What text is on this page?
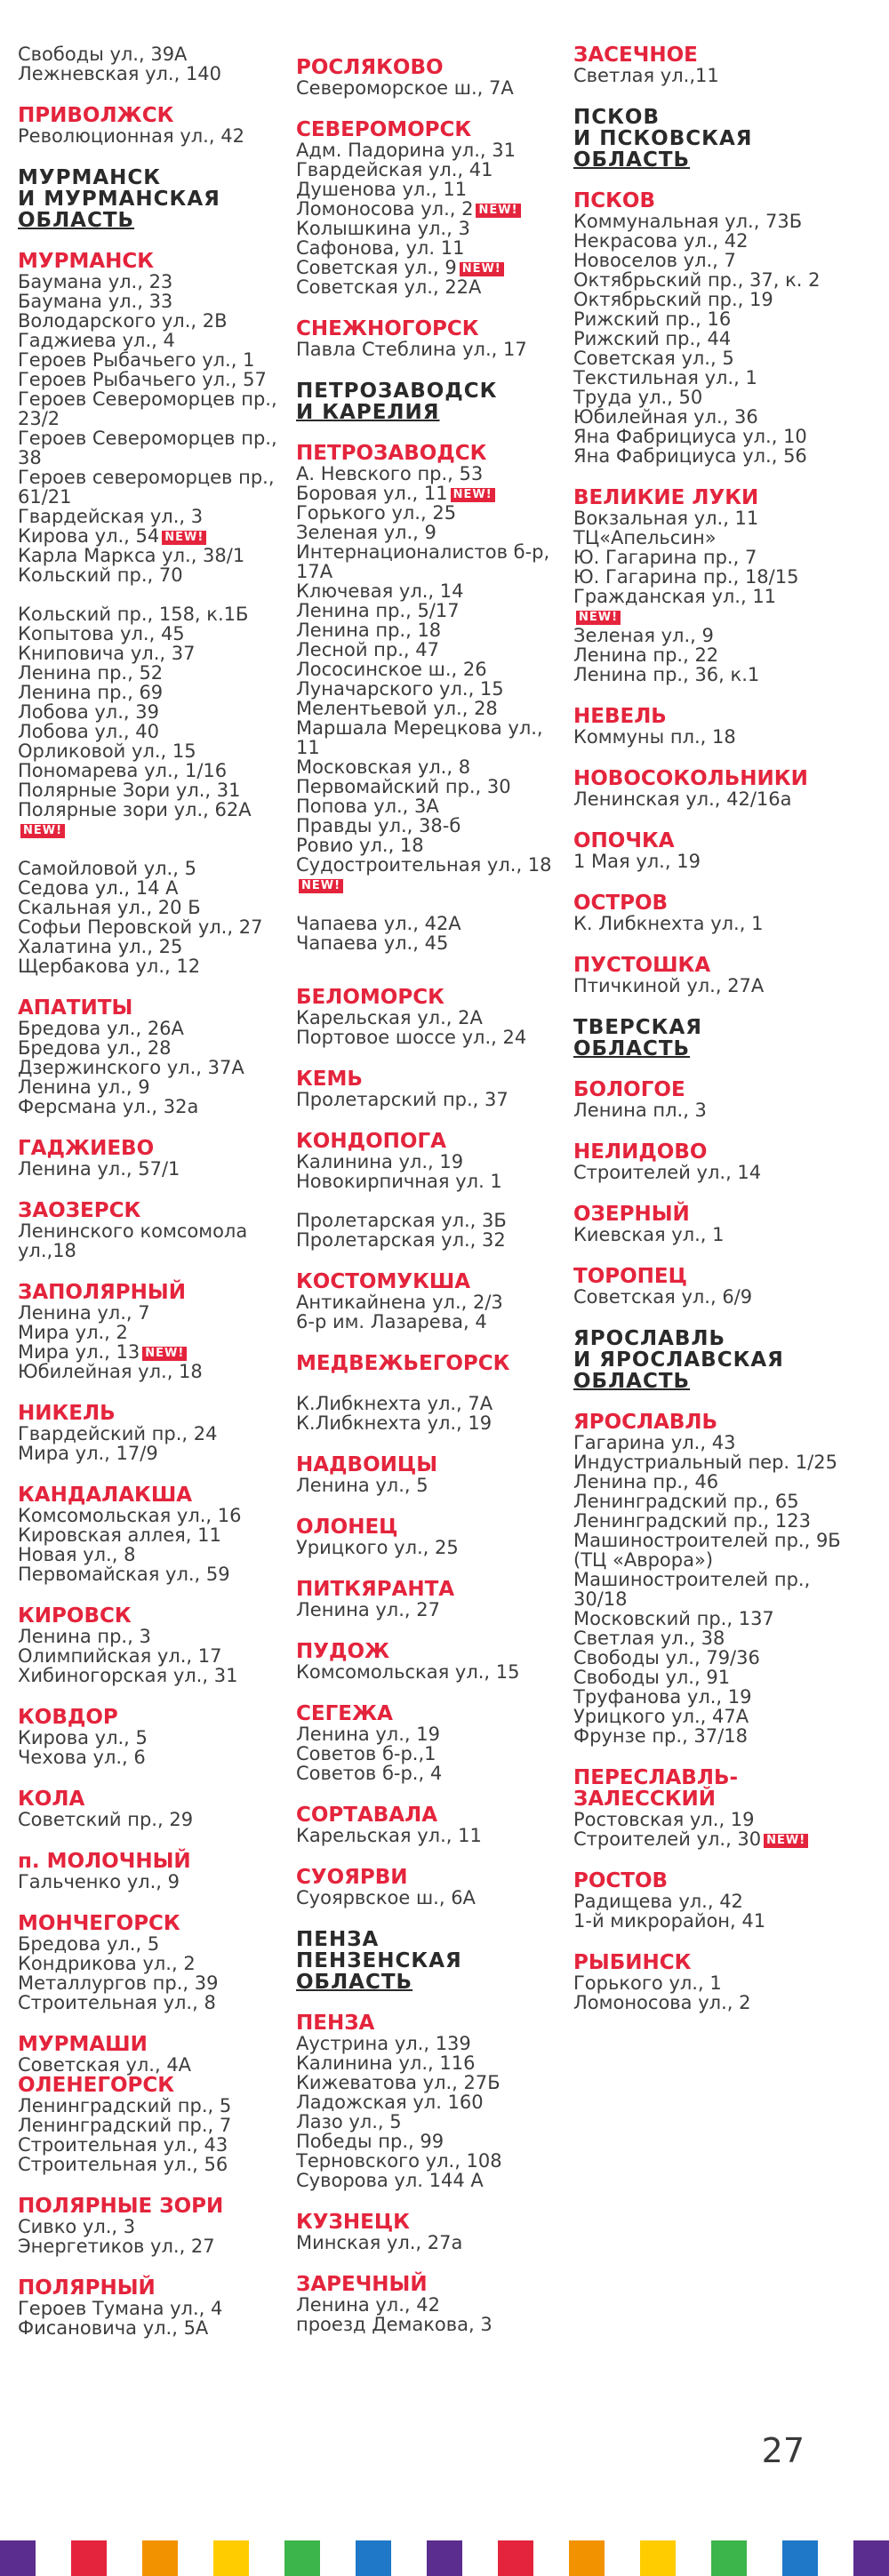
Свободы ул., 39А
Лежневская ул., 140
ПРИВОЛЖСК
Революционная ул., 42
МУРМАНСК
И МУРМАНСКАЯ
ОБЛАСТЬ
МУРМАНСК
Баумана ул., 23
Баумана ул., 33
Володарского ул., 2В
Гаджиева ул., 4
Героев Рыбачьего ул., 1
Героев Рыбачьего ул., 57
Героев Североморцев пр., 23/2
Героев Североморцев пр., 38
Героев североморцев пр., 61/21
Гвардейская ул., 3
Кирова ул., 54 NEW!
Карла Маркса ул., 38/1
Кольский пр., 70

Кольский пр., 158, к.1Б
Копытова ул., 45
Книповича ул., 37
Ленина пр., 52
Ленина пр., 69
Лобова ул., 39
Лобова ул., 40
Орликовой ул., 15
Пономарева ул., 1/16
Полярные Зори ул., 31
Полярные зори ул., 62А
NEW!

Самойловой ул., 5
Седова ул., 14 А
Скальная ул., 20 Б
Софьи Перовской ул., 27
Халатина ул., 25
Щербакова ул., 12
АПАТИТЫ
Бредова ул., 26А
Бредова ул., 28
Дзержинского ул., 37А
Ленина ул., 9
Ферсмана ул., 32а
ГАДЖИЕВО
Ленина ул., 57/1
ЗАОЗЕРСК
Ленинского комсомола ул.,18
ЗАПОЛЯРНЫЙ
Ленина ул., 7
Мира ул., 2
Мира ул., 13 NEW!
Юбилейная ул., 18
НИКЕЛЬ
Гвардейский пр., 24
Мира ул., 17/9
КАНДАЛАКША
Комсомольская ул., 16
Кировская аллея, 11
Новая ул., 8
Первомайская ул., 59
КИРОВСК
Ленина пр., 3
Олимпийская ул., 17
Хибиногорская ул., 31
КОВДОР
Кирова ул., 5
Чехова ул., 6
КОЛА
Советский пр., 29
п. МОЛОЧНЫЙ
Гальченко ул., 9
МОНЧЕГОРСК
Бредова ул., 5
Кондрикова ул., 2
Металлургов пр., 39
Строительная ул., 8
МУРМАШИ
Советская ул., 4А
ОЛЕНЕГОРСК
Ленинградский пр., 5
Ленинградский пр., 7
Строительная ул., 43
Строительная ул., 56
ПОЛЯРНЫЕ ЗОРИ
Сивко ул., 3
Энергетиков ул., 27
ПОЛЯРНЫЙ
Героев Тумана ул., 4
Фисановича ул., 5А
РОСЛЯКОВО
Североморское ш., 7А
СЕВЕРОМОРСК
Адм. Падорина ул., 31
Гвардейская ул., 41
Душенова ул., 11
Ломоносова ул., 2 NEW!
Колышкина ул., 3
Сафонова, ул. 11
Советская ул., 9 NEW!
Советская ул., 22А
СНЕЖНОГОРСК
Павла Стеблина ул., 17
ПЕТРОЗАВОДСК
И КАРЕЛИЯ
ПЕТРОЗАВОДСК
А. Невского пр., 53
Боровая ул., 11 NEW!
Горького ул., 25
Зеленая ул., 9
Интернационалистов б-р, 17А
Ключевая ул., 14
Ленина пр., 5/17
Ленина пр., 18
Лесной пр., 47
Лососинское ш., 26
Луначарского ул., 15
Мелентьевой ул., 28
Маршала Мерецкова ул., 11
Московская ул., 8
Первомайский пр., 30
Попова ул., 3А
Правды ул., 38-б
Ровио ул., 18
Судостроительная ул., 18
NEW!

Чапаева ул., 42А
Чапаева ул., 45
БЕЛОМОРСК
Карельская ул., 2А
Портовое шоссе ул., 24
КЕМЬ
Пролетарский пр., 37
КОНДОПОГА
Калинина ул., 19
Новокирпичная ул. 1

Пролетарская ул., 3Б
Пролетарская ул., 32
КОСТОМУКША
Антикайнена ул., 2/3
6-р им. Лазарева, 4
МЕДВЕЖЬЕГОРСК

К.Либкнехта ул., 7А
К.Либкнехта ул., 19
НАДВОИЦЫ
Ленина ул., 5
ОЛОНЕЦ
Урицкого ул., 25
ПИТКЯРАНТА
Ленина ул., 27
ПУДОЖ
Комсомольская ул., 15
СЕГЕЖА
Ленина ул., 19
Советов б-р.,1
Советов б-р., 4
СОРТАВАЛА
Карельская ул., 11
СУОЯРВИ
Суоярвское ш., 6А
ПЕНЗА
ПЕНЗЕНСКАЯ
ОБЛАСТЬ
ПЕНЗА
Аустрина ул., 139
Калинина ул., 116
Кижеватова ул., 27Б
Ладожская ул. 160
Лазо ул., 5
Победы пр., 99
Терновского ул., 108
Суворова ул. 144 А
КУЗНЕЦК
Минская ул., 27а
ЗАРЕЧНЫЙ
Ленина ул., 42
проезд Демакова, 3
ЗАСЕЧНОЕ
Светлая ул.,11
ПСКОВ
И ПСКОВСКАЯ
ОБЛАСТЬ
ПСКОВ
Коммунальная ул., 73Б
Некрасова ул., 42
Новоселов ул., 7
Октябрьский пр., 37, к. 2
Октябрьский пр., 19
Рижский пр., 16
Рижский пр., 44
Советская ул., 5
Текстильная ул., 1
Труда ул., 50
Юбилейная ул., 36
Яна Фабрициуса ул., 10
Яна Фабрициуса ул., 56
ВЕЛИКИЕ ЛУКИ
Вокзальная ул., 11
ТЦ«Апельсин»
Ю. Гагарина пр., 7
Ю. Гагарина пр., 18/15
Гражданская ул., 11
NEW!
Зеленая ул., 9
Ленина пр., 22
Ленина пр., 36, к.1
НЕВЕЛЬ
Коммуны пл., 18
НОВОСОКОЛЬНИКИ
Ленинская ул., 42/16а
ОПОЧКА
1 Мая ул., 19
ОСТРОВ
К. Либкнехта ул., 1
ПУСТОШКА
Птичкиной ул., 27А
ТВЕРСКАЯ
ОБЛАСТЬ
БОЛОГОЕ
Ленина пл., 3
НЕЛИДОВО
Строителей ул., 14
ОЗЕРНЫЙ
Киевская ул., 1
ТОРОПЕЦ
Советская ул., 6/9
ЯРОСЛАВЛЬ
И ЯРОСЛАВСКАЯ
ОБЛАСТЬ
ЯРОСЛАВЛЬ
Гагарина ул., 43
Индустриальный пер. 1/25
Ленина пр., 46
Ленинградский пр., 65
Ленинградский пр., 123
Машиностроителей пр., 9Б (ТЦ «Аврора»)
Машиностроителей пр., 30/18
Московский пр., 137
Светлая ул., 38
Свободы ул., 79/36
Свободы ул., 91
Труфанова ул., 19
Урицкого ул., 47А
Фрунзе пр., 37/18
ПЕРЕСЛАВЛЬ-ЗАЛЕССКИЙ
Ростовская ул., 19
Строителей ул., 30 NEW!
РОСТОВ
Радищева ул., 42
1-й микрорайон, 41
РЫБИНСК
Горького ул., 1
Ломоносова ул., 2
27
